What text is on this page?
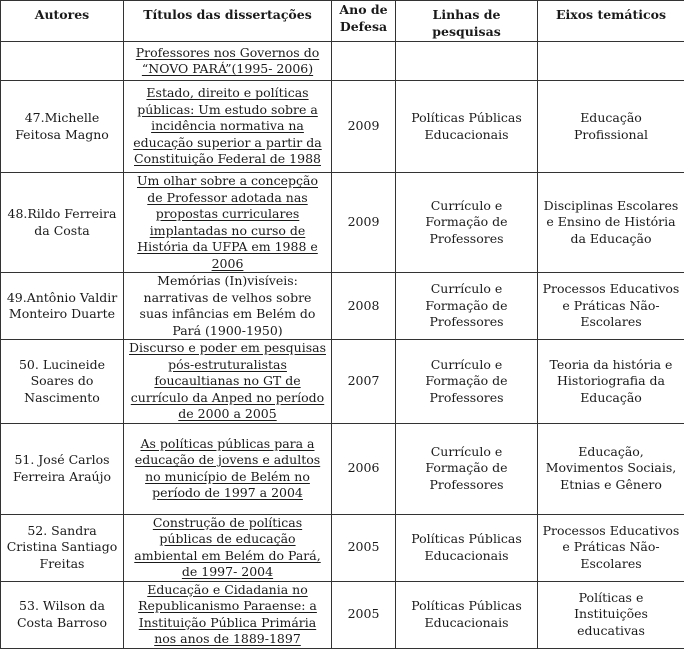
Autores	Títulos das dissertações	Ano de Defesa	Linhas de pesquisas	Eixos temáticos
	Professores nos Governos do “NOVO PARÁ”(1995- 2006)			
47.Michelle Feitosa Magno	Estado, direito e políticas públicas: Um estudo sobre a incidência normativa na educação superior a partir da Constituição Federal de 1988	2009	Políticas Públicas Educacionais	Educação Profissional
48.Rildo Ferreira da Costa	Um olhar sobre a concepção de Professor adotada nas propostas curriculares implantadas no curso de História da UFPA em 1988 e 2006	2009	Currículo e Formação de Professores	Disciplinas Escolares e Ensino de História da Educação
49.Antônio Valdir Monteiro Duarte	Memórias (In)visíveis: narrativas de velhos sobre suas infâncias em Belém do Pará (1900-1950)	2008	Currículo e Formação de Professores	Processos Educativos e Práticas Não-Escolares
50. Lucineide Soares do Nascimento	Discurso e poder em pesquisas pós-estruturalistas foucaultianas no GT de currículo da Anped no período de 2000 a 2005	2007	Currículo e Formação de Professores	Teoria da história e Historiografia da Educação
51. José Carlos Ferreira Araújo	As políticas públicas para a educação de jovens e adultos no município de Belém no período de 1997 a 2004	2006	Currículo e Formação de Professores	Educação, Movimentos Sociais, Etnias e Gênero
52. Sandra Cristina Santiago Freitas	Construção de políticas públicas de educação ambiental em Belém do Pará, de 1997- 2004	2005	Políticas Públicas Educacionais	Processos Educativos e Práticas Não-Escolares
53. Wilson da Costa Barroso	Educação e Cidadania no Republicanismo Paraense: a Instituição Pública Primária nos anos de 1889-1897	2005	Políticas Públicas Educacionais	Políticas e Instituições educativas
